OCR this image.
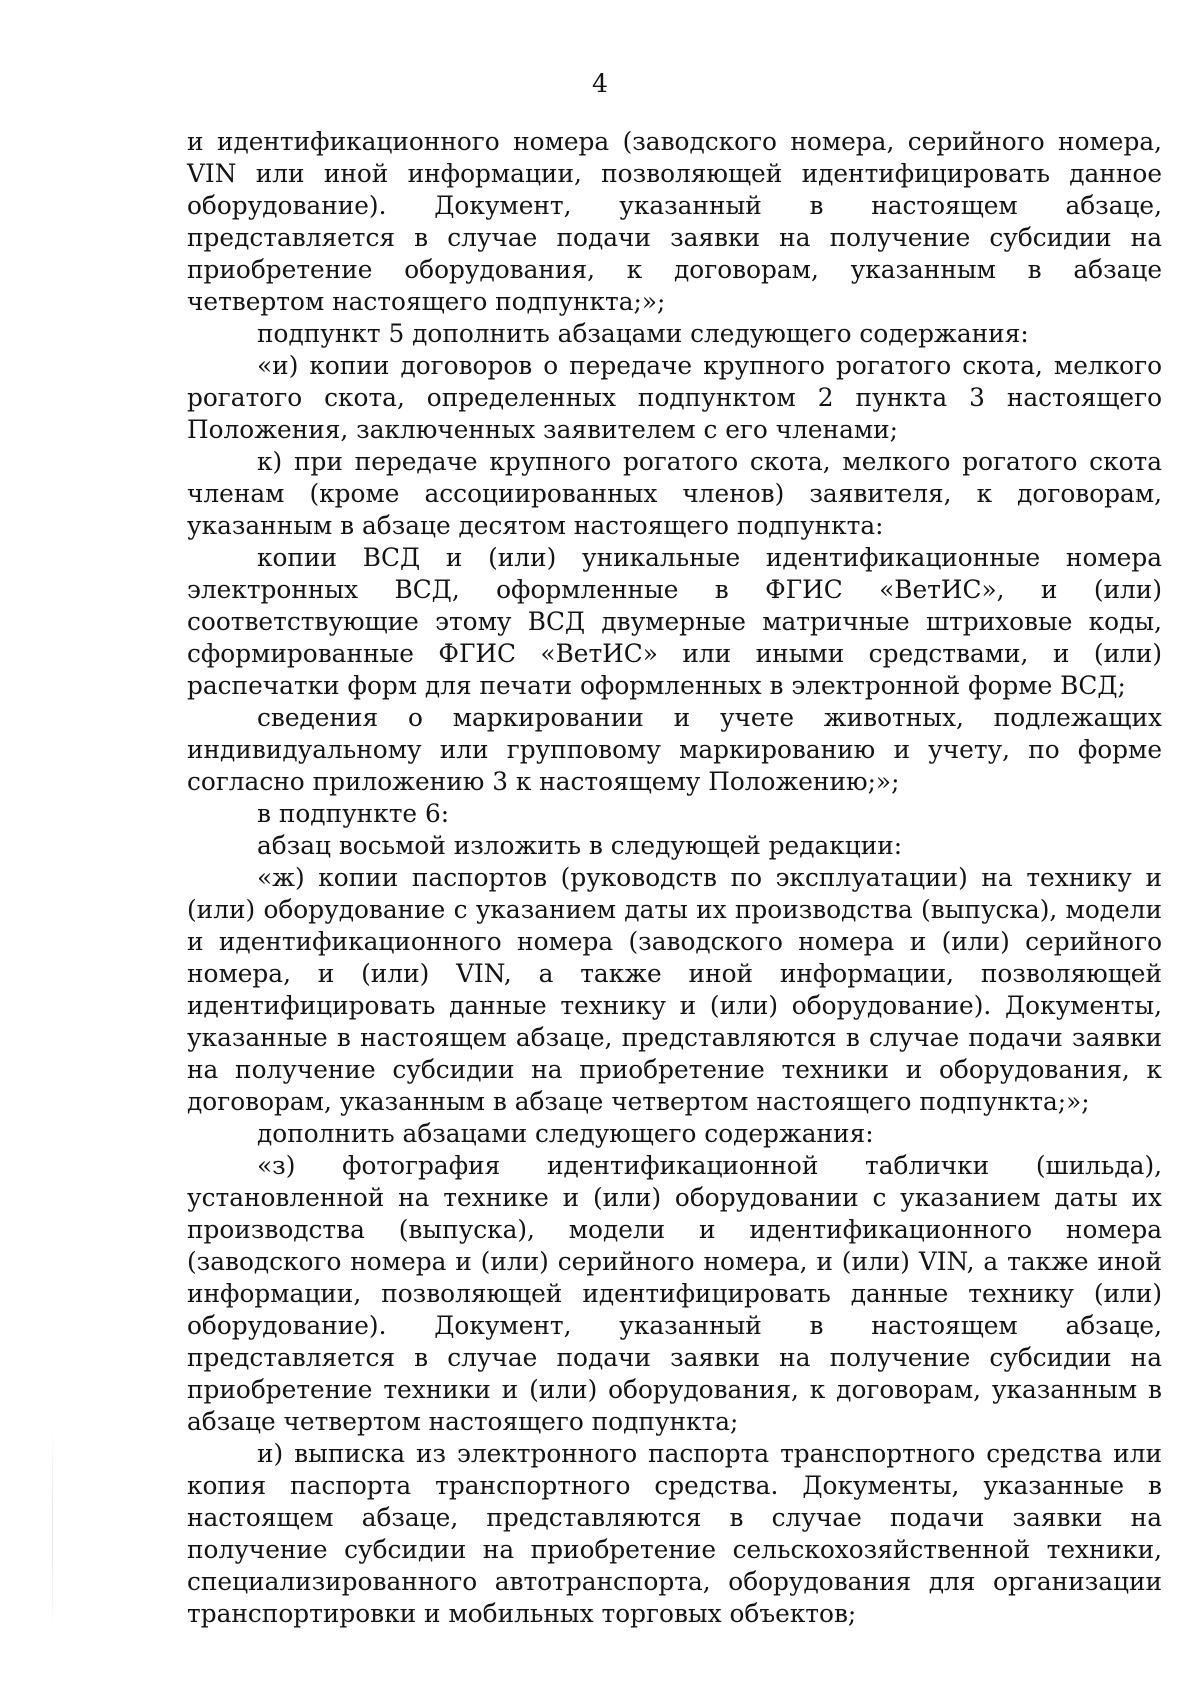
4

и идентификационного номера (заводского номера, серийного номера, VIN или иной информации, позволяющей идентифицировать данное оборудование). Документ, указанный в настоящем абзаце, представляется в случае подачи заявки на получение субсидии на приобретение оборудования, к договорам, указанным в абзаце четвертом настоящего подпункта;»;

подпункт 5 дополнить абзацами следующего содержания:

«и) копии договоров о передаче крупного рогатого скота, мелкого рогатого скота, определенных подпунктом 2 пункта 3 настоящего Положения, заключенных заявителем с его членами;

к) при передаче крупного рогатого скота, мелкого рогатого скота членам (кроме ассоциированных членов) заявителя, к договорам, указанным в абзаце десятом настоящего подпункта:

копии ВСД и (или) уникальные идентификационные номера электронных ВСД, оформленные в ФГИС «ВетИС», и (или) соответствующие этому ВСД двумерные матричные штриховые коды, сформированные ФГИС «ВетИС» или иными средствами, и (или) распечатки форм для печати оформленных в электронной форме ВСД;

сведения о маркировании и учете животных, подлежащих индивидуальному или групповому маркированию и учету, по форме согласно приложению 3 к настоящему Положению;»;

в подпункте 6:

абзац восьмой изложить в следующей редакции:

«ж) копии паспортов (руководств по эксплуатации) на технику и (или) оборудование с указанием даты их производства (выпуска), модели и идентификационного номера (заводского номера и (или) серийного номера, и (или) VIN, а также иной информации, позволяющей идентифицировать данные технику и (или) оборудование). Документы, указанные в настоящем абзаце, представляются в случае подачи заявки на получение субсидии на приобретение техники и оборудования, к договорам, указанным в абзаце четвертом настоящего подпункта;»;

дополнить абзацами следующего содержания:

«з) фотография идентификационной таблички (шильда), установленной на технике и (или) оборудовании с указанием даты их производства (выпуска), модели и идентификационного номера (заводского номера и (или) серийного номера, и (или) VIN, а также иной информации, позволяющей идентифицировать данные технику (или) оборудование). Документ, указанный в настоящем абзаце, представляется в случае подачи заявки на получение субсидии на приобретение техники и (или) оборудования, к договорам, указанным в абзаце четвертом настоящего подпункта;

и) выписка из электронного паспорта транспортного средства или копия паспорта транспортного средства. Документы, указанные в настоящем абзаце, представляются в случае подачи заявки на получение субсидии на приобретение сельскохозяйственной техники, специализированного автотранспорта, оборудования для организации транспортировки и мобильных торговых объектов;
